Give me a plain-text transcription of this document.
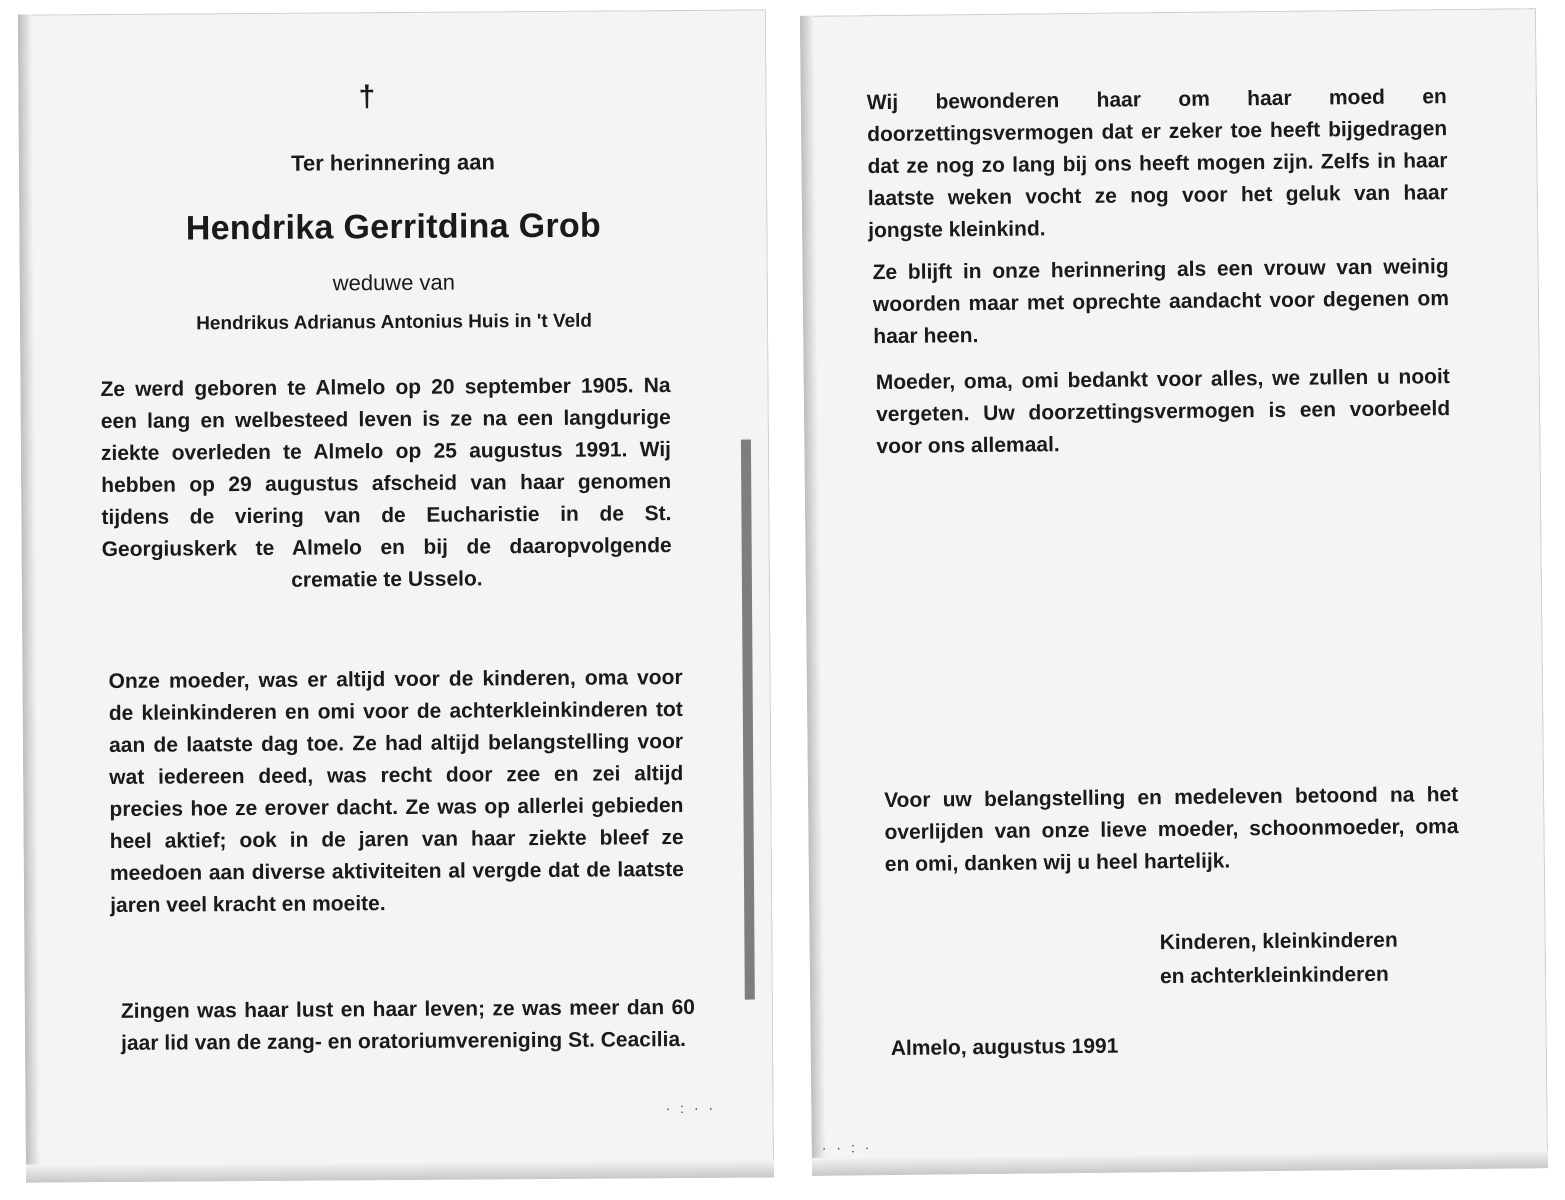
†
Ter herinnering aan
Hendrika Gerritdina Grob
weduwe van
Hendrikus Adrianus Antonius Huis in 't Veld

Ze werd geboren te Almelo op 20 september 1905. Na een lang en welbesteed leven is ze na een langdurige ziekte overleden te Almelo op 25 augustus 1991. Wij hebben op 29 augustus afscheid van haar genomen tijdens de viering van de Eucharistie in de St. Georgiuskerk te Almelo en bij de daaropvolgende crematie te Usselo.

Onze moeder, was er altijd voor de kinderen, oma voor de kleinkinderen en omi voor de achterkleinkinderen tot aan de laatste dag toe. Ze had altijd belangstelling voor wat iedereen deed, was recht door zee en zei altijd precies hoe ze erover dacht. Ze was op allerlei gebieden heel aktief; ook in de jaren van haar ziekte bleef ze meedoen aan diverse aktiviteiten al vergde dat de laatste jaren veel kracht en moeite.

Zingen was haar lust en haar leven; ze was meer dan 60 jaar lid van de zang- en oratoriumvereniging St. Ceacilia.

· : · ·

Wij bewonderen haar om haar moed en doorzettingsvermogen dat er zeker toe heeft bijgedragen dat ze nog zo lang bij ons heeft mogen zijn. Zelfs in haar laatste weken vocht ze nog voor het geluk van haar jongste kleinkind.

Ze blijft in onze herinnering als een vrouw van weinig woorden maar met oprechte aandacht voor degenen om haar heen.

Moeder, oma, omi bedankt voor alles, we zullen u nooit vergeten. Uw doorzettingsvermogen is een voorbeeld voor ons allemaal.

Voor uw belangstelling en medeleven betoond na het overlijden van onze lieve moeder, schoonmoeder, oma en omi, danken wij u heel hartelijk.

Kinderen, kleinkinderen
en achterkleinkinderen
Almelo, augustus 1991
· · : ·
